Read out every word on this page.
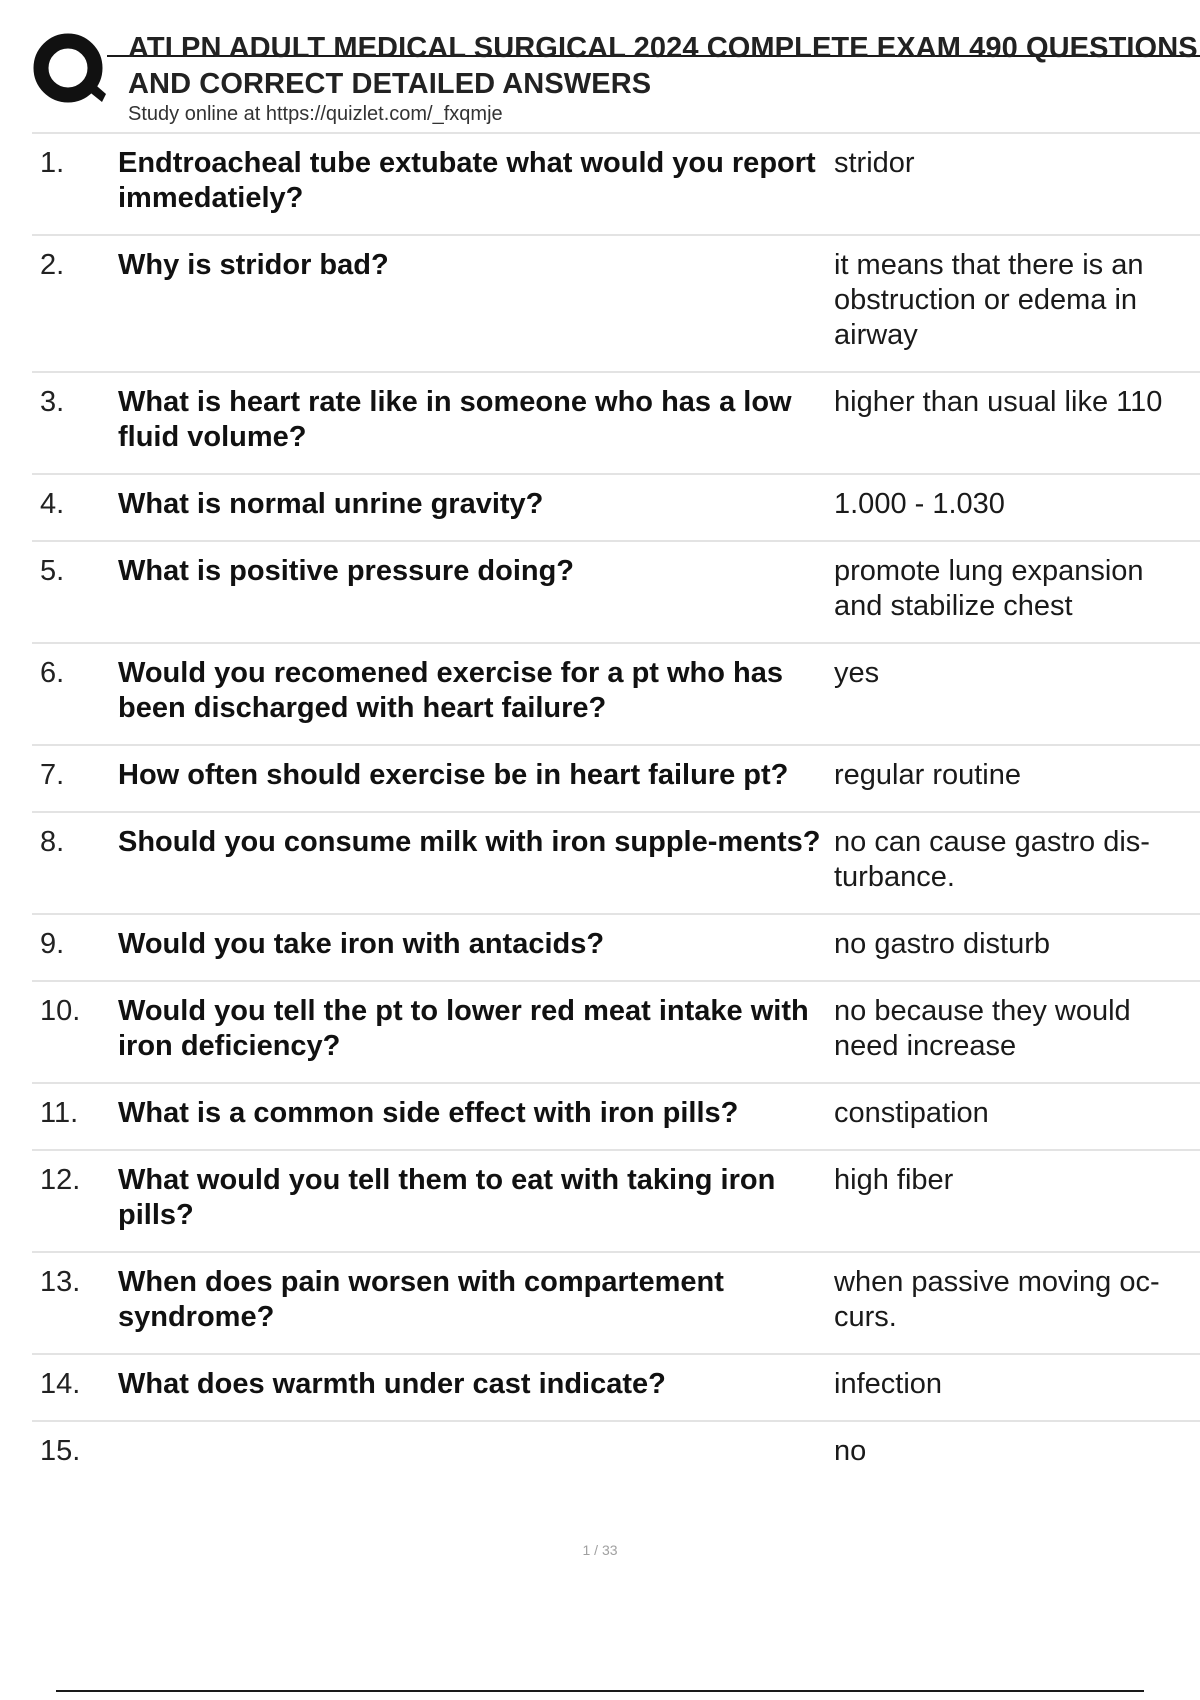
ATI PN ADULT MEDICAL SURGICAL 2024 COMPLETE EXAM 490 QUESTIONS AND CORRECT DETAILED ANSWERS
Study online at https://quizlet.com/_fxqmje
1.	Endtroacheal tube extubate what would you report immedatiely?	stridor
2.	Why is stridor bad?	it means that there is an obstruction or edema in airway
3.	What is heart rate like in someone who has a low fluid volume?	higher than usual like 110
4.	What is normal unrine gravity?	1.000 - 1.030
5.	What is positive pressure doing?	promote lung expansion and stabilize chest
6.	Would you recomened exercise for a pt who has been discharged with heart failure?	yes
7.	How often should exercise be in heart failure pt?	regular routine
8.	Should you consume milk with iron supple-ments?	no can cause gastro dis-turbance.
9.	Would you take iron with antacids?	no gastro disturb
10.	Would you tell the pt to lower red meat intake with iron deficiency?	no because they would need increase
11.	What is a common side effect with iron pills?	constipation
12.	What would you tell them to eat with taking iron pills?	high fiber
13.	When does pain worsen with compartement syndrome?	when passive moving oc-curs.
14.	What does warmth under cast indicate?	infection
15.		no
1 / 33
